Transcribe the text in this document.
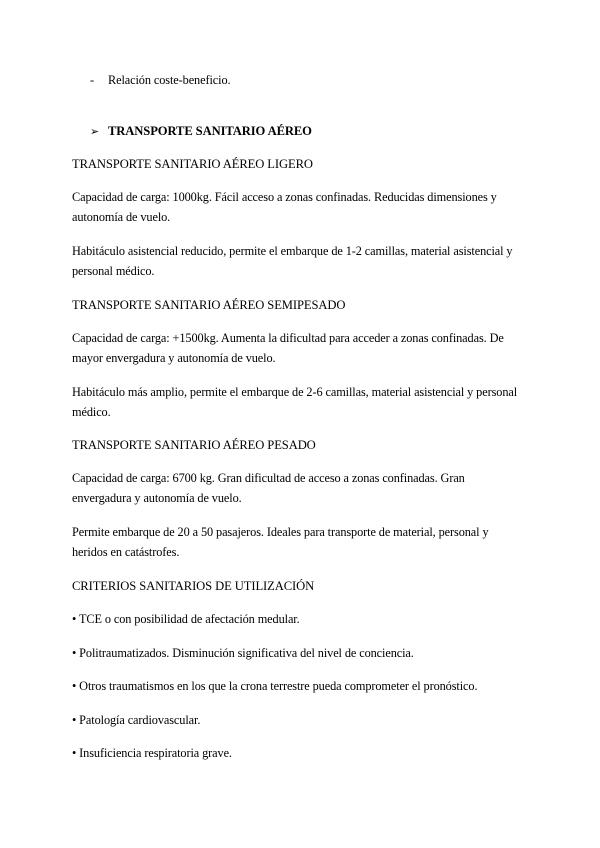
- Relación coste-beneficio.
➢ TRANSPORTE SANITARIO AÉREO
TRANSPORTE SANITARIO AÉREO LIGERO
Capacidad de carga: 1000kg. Fácil acceso a zonas confinadas. Reducidas dimensiones y
autonomía de vuelo.
Habitáculo asistencial reducido, permite el embarque de 1-2 camillas, material asistencial y
personal médico.
TRANSPORTE SANITARIO AÉREO SEMIPESADO
Capacidad de carga: +1500kg. Aumenta la dificultad para acceder a zonas confinadas. De
mayor envergadura y autonomía de vuelo.
Habitáculo más amplio, permite el embarque de 2-6 camillas, material asistencial y personal
médico.
TRANSPORTE SANITARIO AÉREO PESADO
Capacidad de carga: 6700 kg. Gran dificultad de acceso a zonas confinadas. Gran
envergadura y autonomía de vuelo.
Permite embarque de 20 a 50 pasajeros. Ideales para transporte de material, personal y
heridos en catástrofes.
CRITERIOS SANITARIOS DE UTILIZACIÓN
• TCE o con posibilidad de afectación medular.
• Politraumatizados. Disminución significativa del nivel de conciencia.
• Otros traumatismos en los que la crona terrestre pueda comprometer el pronóstico.
• Patología cardiovascular.
• Insuficiencia respiratoria grave.
